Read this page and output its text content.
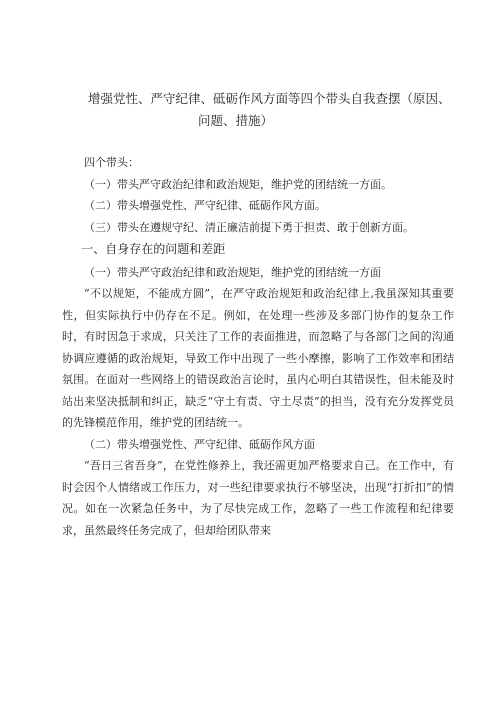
增强党性、严守纪律、砥砺作风方面等四个带头自我查摆（原因、
问题、措施）

四个带头：

（一）带头严守政治纪律和政治规矩，维护党的团结统一方面。

（二）带头增强党性、严守纪律、砥砺作风方面。

（三）带头在遵规守纪、清正廉洁前提下勇于担责、敢于创新方面。

一、自身存在的问题和差距

（一）带头严守政治纪律和政治规矩，维护党的团结统一方面

“不以规矩，不能成方圆”，在严守政治规矩和政治纪律上,我虽深知其重要性，但实际执行中仍存在不足。例如，在处理一些涉及多部门协作的复杂工作时，有时因急于求成，只关注了工作的表面推进，而忽略了与各部门之间的沟通协调应遵循的政治规矩，导致工作中出现了一些小摩擦，影响了工作效率和团结氛围。在面对一些网络上的错误政治言论时，虽内心明白其错误性，但未能及时站出来坚决抵制和纠正，缺乏“守土有责、守土尽责”的担当，没有充分发挥党员的先锋模范作用，维护党的团结统一。

（二）带头增强党性、严守纪律、砥砺作风方面

“吾日三省吾身”，在党性修养上，我还需更加严格要求自己。在工作中，有时会因个人情绪或工作压力，对一些纪律要求执行不够坚决，出现“打折扣”的情况。如在一次紧急任务中，为了尽快完成工作，忽略了一些工作流程和纪律要求，虽然最终任务完成了，但却给团队带来
